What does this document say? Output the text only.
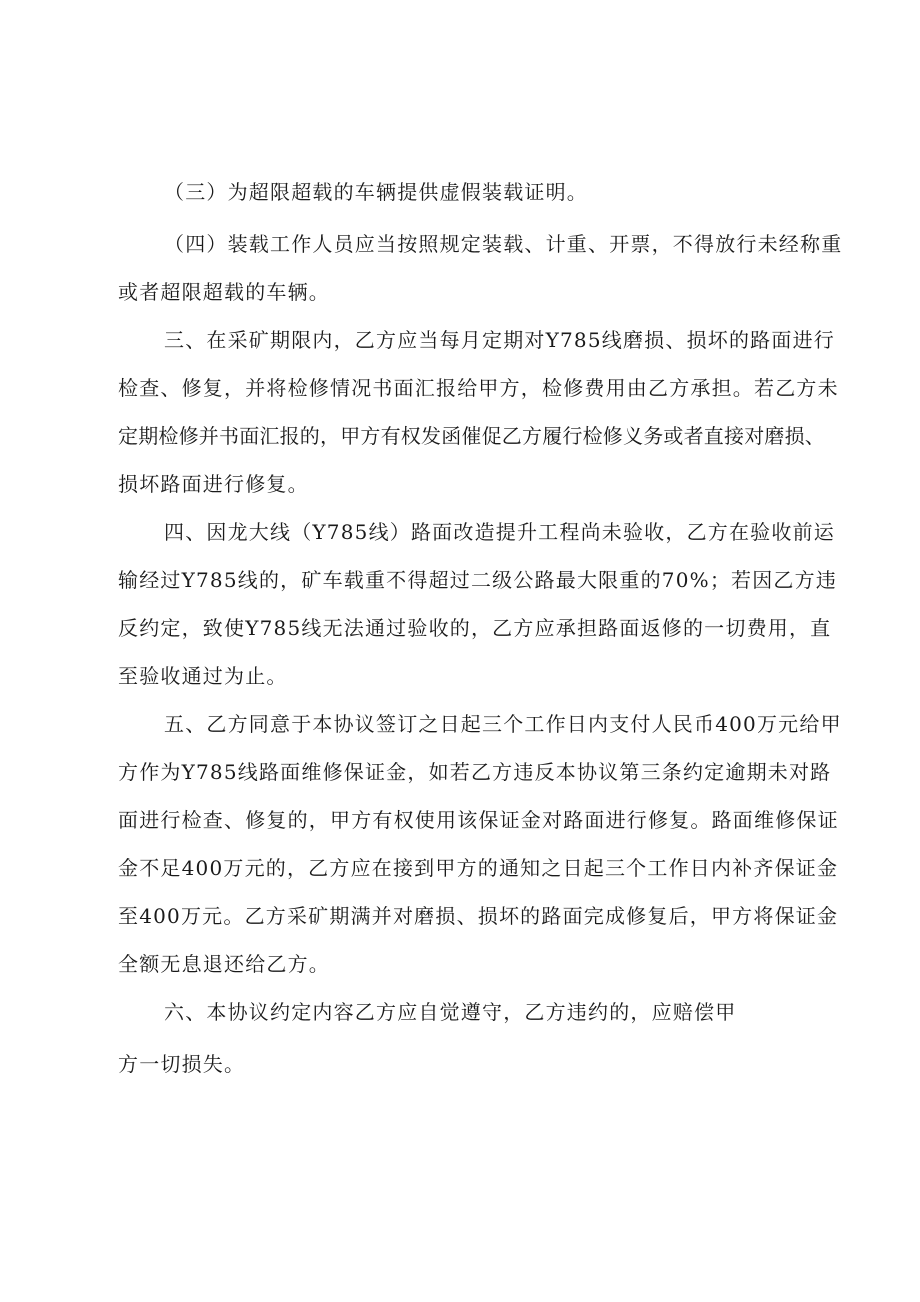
（三）为超限超载的车辆提供虚假装载证明。
（四）装载工作人员应当按照规定装载、计重、开票，不得放行未经称重
或者超限超载的车辆。
三、在采矿期限内，乙方应当每月定期对Y785线磨损、损坏的路面进行
检查、修复，并将检修情况书面汇报给甲方，检修费用由乙方承担。若乙方未
定期检修并书面汇报的，甲方有权发函催促乙方履行检修义务或者直接对磨损、
损坏路面进行修复。
四、因龙大线（Y785线）路面改造提升工程尚未验收，乙方在验收前运
输经过Y785线的，矿车载重不得超过二级公路最大限重的70%；若因乙方违
反约定，致使Y785线无法通过验收的，乙方应承担路面返修的一切费用，直
至验收通过为止。
五、乙方同意于本协议签订之日起三个工作日内支付人民币400万元给甲
方作为Y785线路面维修保证金，如若乙方违反本协议第三条约定逾期未对路
面进行检查、修复的，甲方有权使用该保证金对路面进行修复。路面维修保证
金不足400万元的，乙方应在接到甲方的通知之日起三个工作日内补齐保证金
至400万元。乙方采矿期满并对磨损、损坏的路面完成修复后，甲方将保证金
全额无息退还给乙方。
六、本协议约定内容乙方应自觉遵守，乙方违约的，应赔偿甲
方一切损失。
